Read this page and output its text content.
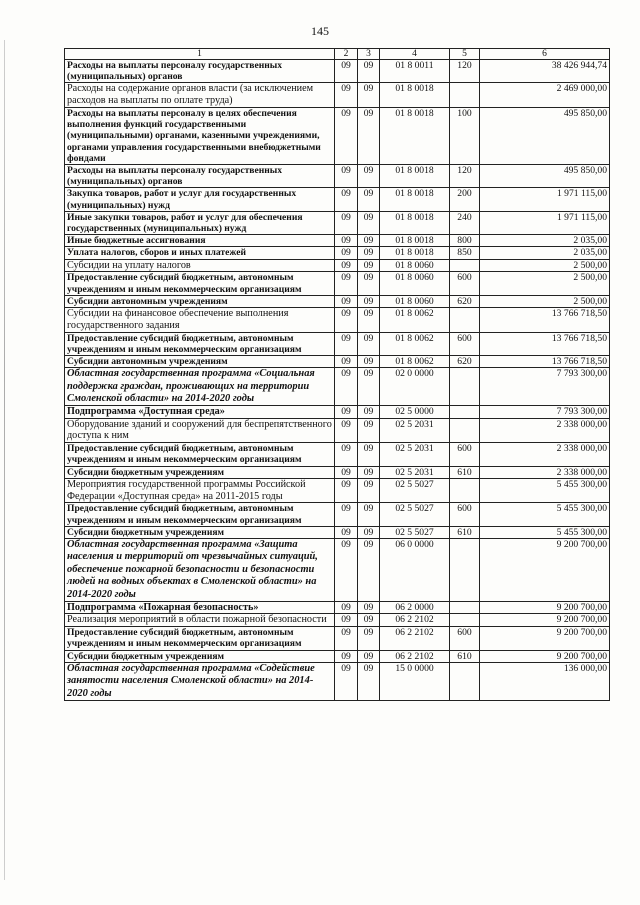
145
1	2	3	4	5	6
Расходы на выплаты персоналу государственных (муниципальных) органов	09	09	01 8 0011	120	38 426 944,74
Расходы на содержание органов власти (за исключением расходов на выплаты по оплате труда)	09	09	01 8 0018		2 469 000,00
Расходы на выплаты персоналу в целях обеспечения выполнения функций государственными (муниципальными) органами, казенными учреждениями, органами управления государственными внебюджетными фондами	09	09	01 8 0018	100	495 850,00
Расходы на выплаты персоналу государственных (муниципальных) органов	09	09	01 8 0018	120	495 850,00
Закупка товаров, работ и услуг для государственных (муниципальных) нужд	09	09	01 8 0018	200	1 971 115,00
Иные закупки товаров, работ и услуг для обеспечения государственных (муниципальных) нужд	09	09	01 8 0018	240	1 971 115,00
Иные бюджетные ассигнования	09	09	01 8 0018	800	2 035,00
Уплата налогов, сборов и иных платежей	09	09	01 8 0018	850	2 035,00
Субсидии на уплату налогов	09	09	01 8 0060		2 500,00
Предоставление субсидий бюджетным, автономным учреждениям и иным некоммерческим организациям	09	09	01 8 0060	600	2 500,00
Субсидии автономным учреждениям	09	09	01 8 0060	620	2 500,00
Субсидии на финансовое обеспечение выполнения государственного задания	09	09	01 8 0062		13 766 718,50
Предоставление субсидий бюджетным, автономным учреждениям и иным некоммерческим организациям	09	09	01 8 0062	600	13 766 718,50
Субсидии автономным учреждениям	09	09	01 8 0062	620	13 766 718,50
Областная государственная программа «Социальная поддержка граждан, проживающих на территории Смоленской области» на 2014-2020 годы	09	09	02 0 0000		7 793 300,00
Подпрограмма «Доступная среда»	09	09	02 5 0000		7 793 300,00
Оборудование зданий и сооружений для беспрепятственного доступа к ним	09	09	02 5 2031		2 338 000,00
Предоставление субсидий бюджетным, автономным учреждениям и иным некоммерческим организациям	09	09	02 5 2031	600	2 338 000,00
Субсидии бюджетным учреждениям	09	09	02 5 2031	610	2 338 000,00
Мероприятия государственной программы Российской Федерации «Доступная среда» на 2011-2015 годы	09	09	02 5 5027		5 455 300,00
Предоставление субсидий бюджетным, автономным учреждениям и иным некоммерческим организациям	09	09	02 5 5027	600	5 455 300,00
Субсидии бюджетным учреждениям	09	09	02 5 5027	610	5 455 300,00
Областная государственная программа «Защита населения и территорий от чрезвычайных ситуаций, обеспечение пожарной безопасности и безопасности людей на водных объектах в Смоленской области» на 2014-2020 годы	09	09	06 0 0000		9 200 700,00
Подпрограмма «Пожарная безопасность»	09	09	06 2 0000		9 200 700,00
Реализация мероприятий в области пожарной безопасности	09	09	06 2 2102		9 200 700,00
Предоставление субсидий бюджетным, автономным учреждениям и иным некоммерческим организациям	09	09	06 2 2102	600	9 200 700,00
Субсидии бюджетным учреждениям	09	09	06 2 2102	610	9 200 700,00
Областная государственная программа «Содействие занятости населения Смоленской области» на 2014-2020 годы	09	09	15 0 0000		136 000,00
